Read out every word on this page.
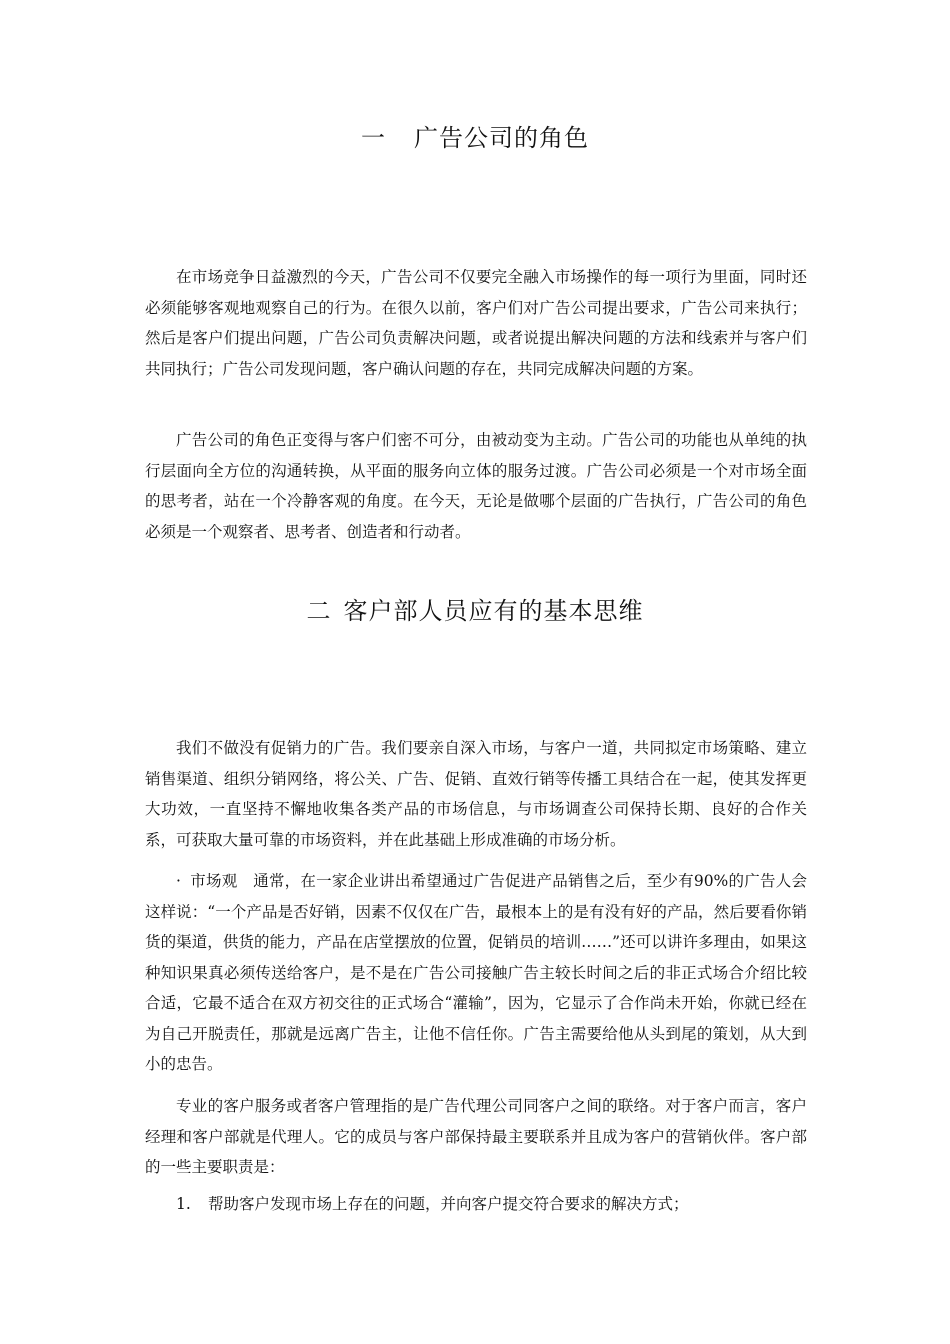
一 广告公司的角色

在市场竞争日益激烈的今天，广告公司不仅要完全融入市场操作的每一项行为里面，同时还必须能够客观地观察自己的行为。在很久以前，客户们对广告公司提出要求，广告公司来执行；然后是客户们提出问题，广告公司负责解决问题，或者说提出解决问题的方法和线索并与客户们共同执行；广告公司发现问题，客户确认问题的存在，共同完成解决问题的方案。

广告公司的角色正变得与客户们密不可分，由被动变为主动。广告公司的功能也从单纯的执行层面向全方位的沟通转换，从平面的服务向立体的服务过渡。广告公司必须是一个对市场全面的思考者，站在一个冷静客观的角度。在今天，无论是做哪个层面的广告执行，广告公司的角色必须是一个观察者、思考者、创造者和行动者。

二 客户部人员应有的基本思维

我们不做没有促销力的广告。我们要亲自深入市场，与客户一道，共同拟定市场策略、建立销售渠道、组织分销网络，将公关、广告、促销、直效行销等传播工具结合在一起，使其发挥更大功效，一直坚持不懈地收集各类产品的市场信息，与市场调查公司保持长期、良好的合作关系，可获取大量可靠的市场资料，并在此基础上形成准确的市场分析。

· 市场观　 通常，在一家企业讲出希望通过广告促进产品销售之后，至少有90%的广告人会这样说：“一个产品是否好销，因素不仅仅在广告，最根本上的是有没有好的产品，然后要看你销货的渠道，供货的能力，产品在店堂摆放的位置，促销员的培训……”还可以讲许多理由，如果这种知识果真必须传送给客户，是不是在广告公司接触广告主较长时间之后的非正式场合介绍比较合适，它最不适合在双方初交往的正式场合“灌输”，因为，它显示了合作尚未开始，你就已经在为自己开脱责任，那就是远离广告主，让他不信任你。广告主需要给他从头到尾的策划，从大到小的忠告。

专业的客户服务或者客户管理指的是广告代理公司同客户之间的联络。对于客户而言，客户经理和客户部就是代理人。它的成员与客户部保持最主要联系并且成为客户的营销伙伴。客户部的一些主要职责是：

1. 帮助客户发现市场上存在的问题，并向客户提交符合要求的解决方式；
